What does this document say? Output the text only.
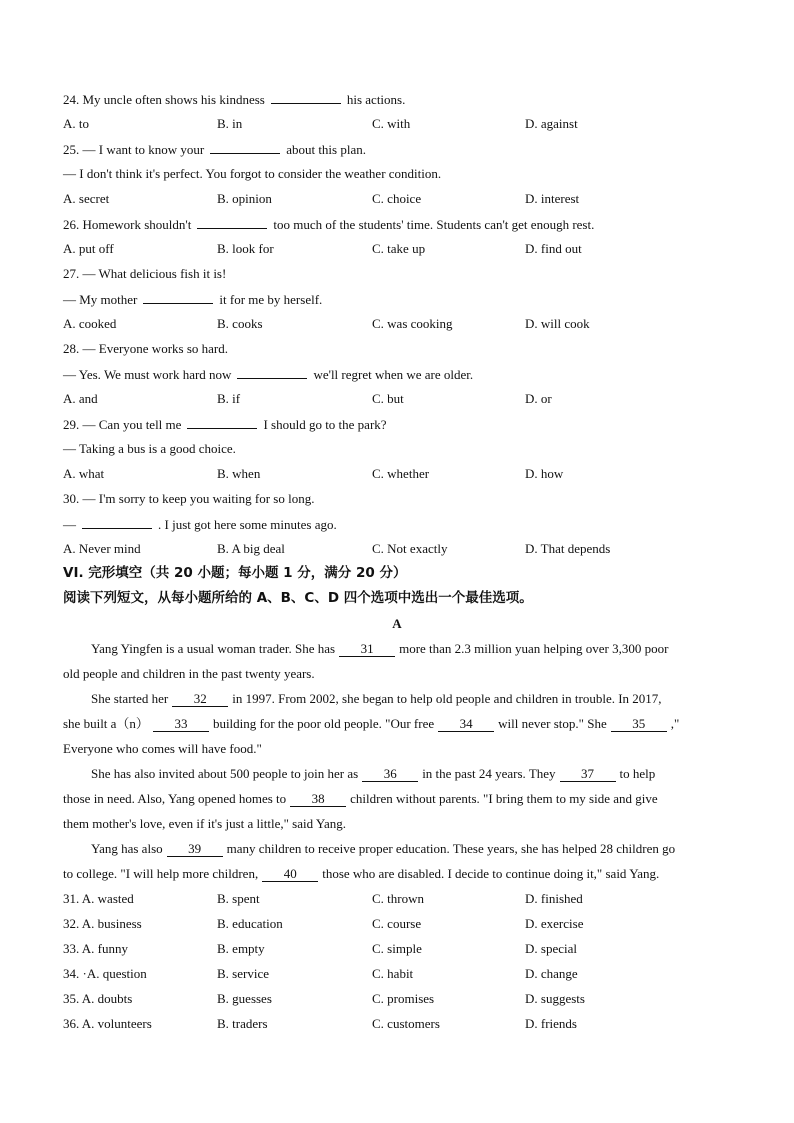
24. My uncle often shows his kindness	his actions.
A. to	B. in	C. with	D. against
25. — I want to know your	about this plan.
— I don't think it's perfect. You forgot to consider the weather condition.
A. secret	B. opinion	C. choice	D. interest
26. Homework shouldn't	too much of the students' time. Students can't get enough rest.
A. put off	B. look for	C. take up	D. find out
27. — What delicious fish it is!
— My mother	it for me by herself.
A. cooked	B. cooks	C. was cooking	D. will cook
28. — Everyone works so hard.
— Yes. We must work hard now	we'll regret when we are older.
A. and	B. if	C. but	D. or
29. — Can you tell me	I should go to the park?
— Taking a bus is a good choice.
A. what	B. when	C. whether	D. how
30. — I'm sorry to keep you waiting for so long.
—	. I just got here some minutes ago.
A. Never mind	B. A big deal	C. Not exactly	D. That depends
VI. 完形填空（共 20 小题；每小题 1 分，满分 20 分）
阅读下列短文，从每小题所给的 A、B、C、D 四个选项中选出一个最佳选项。
A
Yang Yingfen is a usual woman trader. She has 31 more than 2.3 million yuan helping over 3,300 poor
old people and children in the past twenty years.
She started her 32 in 1997. From 2002, she began to help old people and children in trouble. In 2017,
she built a（n） 33 building for the poor old people. "Our free 34 will never stop." She 35 ,"
Everyone who comes will have food."
She has also invited about 500 people to join her as 36 in the past 24 years. They 37 to help
those in need. Also, Yang opened homes to 38 children without parents. "I bring them to my side and give
them mother's love, even if it's just a little," said Yang.
Yang has also 39 many children to receive proper education. These years, she has helped 28 children go
to college. "I will help more children, 40 those who are disabled. I decide to continue doing it," said Yang.
31. A. wasted	B. spent	C. thrown	D. finished
32. A. business	B. education	C. course	D. exercise
33. A. funny	B. empty	C. simple	D. special
34. ·A. question	B. service	C. habit	D. change
35. A. doubts	B. guesses	C. promises	D. suggests
36. A. volunteers	B. traders	C. customers	D. friends
